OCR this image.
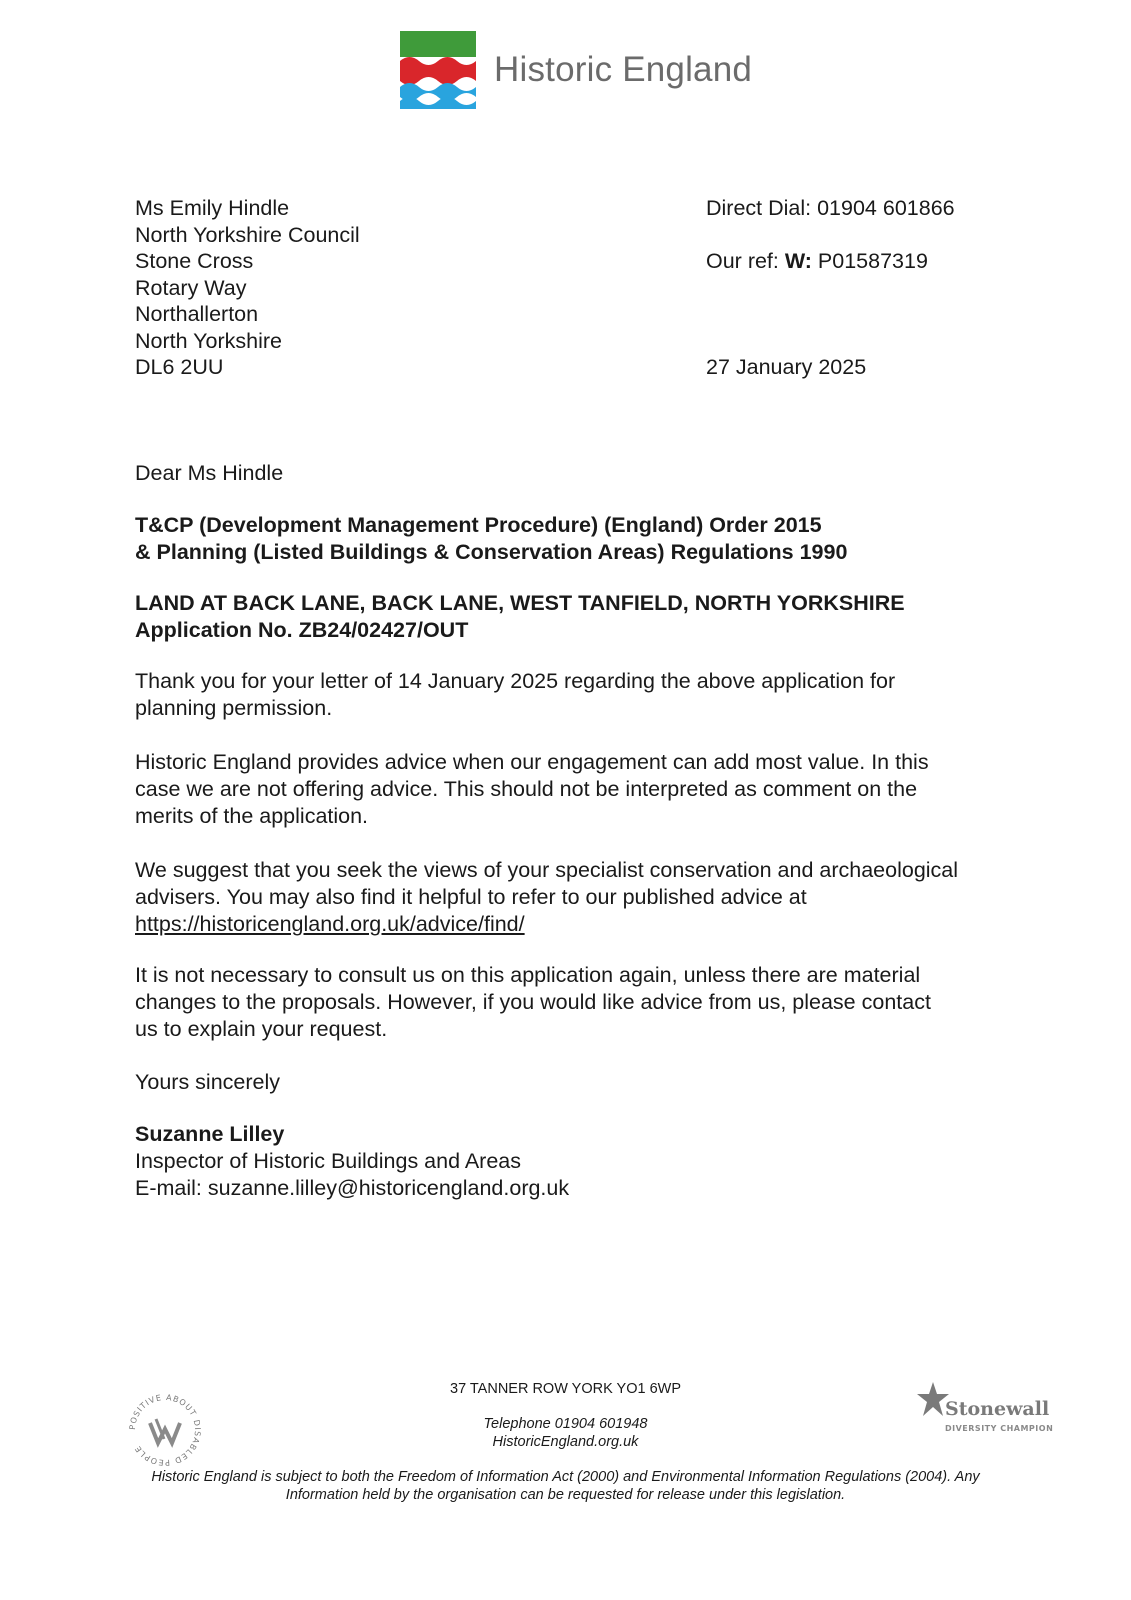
Historic England
Ms Emily Hindle
North Yorkshire Council
Stone Cross
Rotary Way
Northallerton
North Yorkshire
DL6 2UU
Direct Dial: 01904 601866
Our ref: W: P01587319
27 January 2025
Dear Ms Hindle
T&CP (Development Management Procedure) (England) Order 2015
& Planning (Listed Buildings & Conservation Areas) Regulations 1990
LAND AT BACK LANE, BACK LANE, WEST TANFIELD, NORTH YORKSHIRE
Application No. ZB24/02427/OUT
Thank you for your letter of 14 January 2025 regarding the above application for
planning permission.
Historic England provides advice when our engagement can add most value. In this
case we are not offering advice. This should not be interpreted as comment on the
merits of the application.
We suggest that you seek the views of your specialist conservation and archaeological
advisers. You may also find it helpful to refer to our published advice at
https://historicengland.org.uk/advice/find/
It is not necessary to consult us on this application again, unless there are material
changes to the proposals. However, if you would like advice from us, please contact
us to explain your request.
Yours sincerely
Suzanne Lilley
Inspector of Historic Buildings and Areas
E-mail: suzanne.lilley@historicengland.org.uk
POSITIVE ABOUT DISABLED PEOPLE
37 TANNER ROW YORK YO1 6WP
Telephone 01904 601948
HistoricEngland.org.uk
Historic England is subject to both the Freedom of Information Act (2000) and Environmental Information Regulations (2004). Any
Information held by the organisation can be requested for release under this legislation.
Stonewall
DIVERSITY CHAMPION
